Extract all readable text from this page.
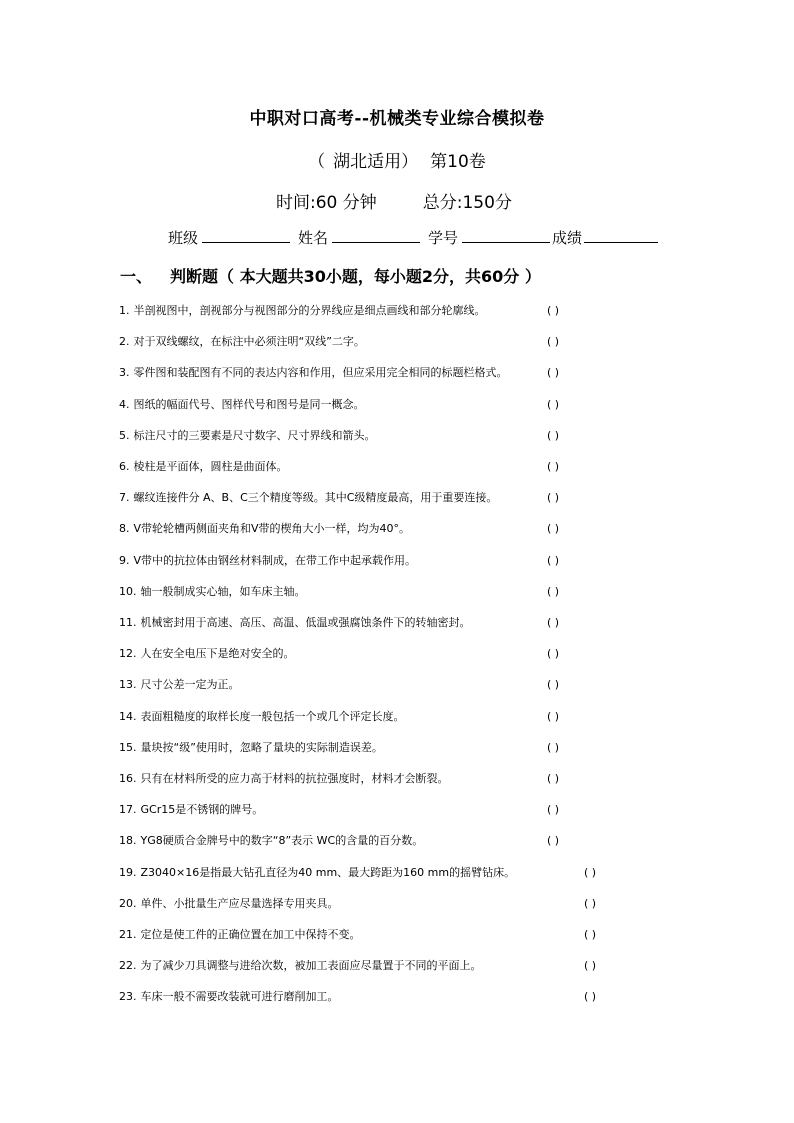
中职对口高考--机械类专业综合模拟卷
（ 湖北适用） 第10卷
时间:60 分钟	总分:150分
班级	姓名	学号	成绩
一、 判断题（ 本大题共30小题，每小题2分，共60分 ）
1. 半剖视图中，剖视部分与视图部分的分界线应是细点画线和部分轮廓线。	( )
2. 对于双线螺纹，在标注中必须注明“双线”二字。	( )
3. 零件图和装配图有不同的表达内容和作用，但应采用完全相同的标题栏格式。	( )
4. 图纸的幅面代号、图样代号和图号是同一概念。	( )
5. 标注尺寸的三要素是尺寸数字、尺寸界线和箭头。	( )
6. 棱柱是平面体，圆柱是曲面体。	( )
7. 螺纹连接件分 A、B、C三个精度等级。其中C级精度最高，用于重要连接。	( )
8. V带轮轮槽两侧面夹角和V带的楔角大小一样，均为40°。	( )
9. V带中的抗拉体由钢丝材料制成，在带工作中起承载作用。	( )
10. 轴一般制成实心轴，如车床主轴。	( )
11. 机械密封用于高速、高压、高温、低温或强腐蚀条件下的转轴密封。	( )
12. 人在安全电压下是绝对安全的。	( )
13. 尺寸公差一定为正。	( )
14. 表面粗糙度的取样长度一般包括一个或几个评定长度。	( )
15. 量块按“级”使用时，忽略了量块的实际制造误差。	( )
16. 只有在材料所受的应力高于材料的抗拉强度时，材料才会断裂。	( )
17. GCr15是不锈钢的牌号。	( )
18. YG8硬质合金牌号中的数字“8”表示 WC的含量的百分数。	( )
19. Z3040×16是指最大钻孔直径为40 mm、最大跨距为160 mm的摇臂钻床。	( )
20. 单件、小批量生产应尽量选择专用夹具。	( )
21. 定位是使工件的正确位置在加工中保持不变。	( )
22. 为了减少刀具调整与进给次数，被加工表面应尽量置于不同的平面上。	( )
23. 车床一般不需要改装就可进行磨削加工。	( )
